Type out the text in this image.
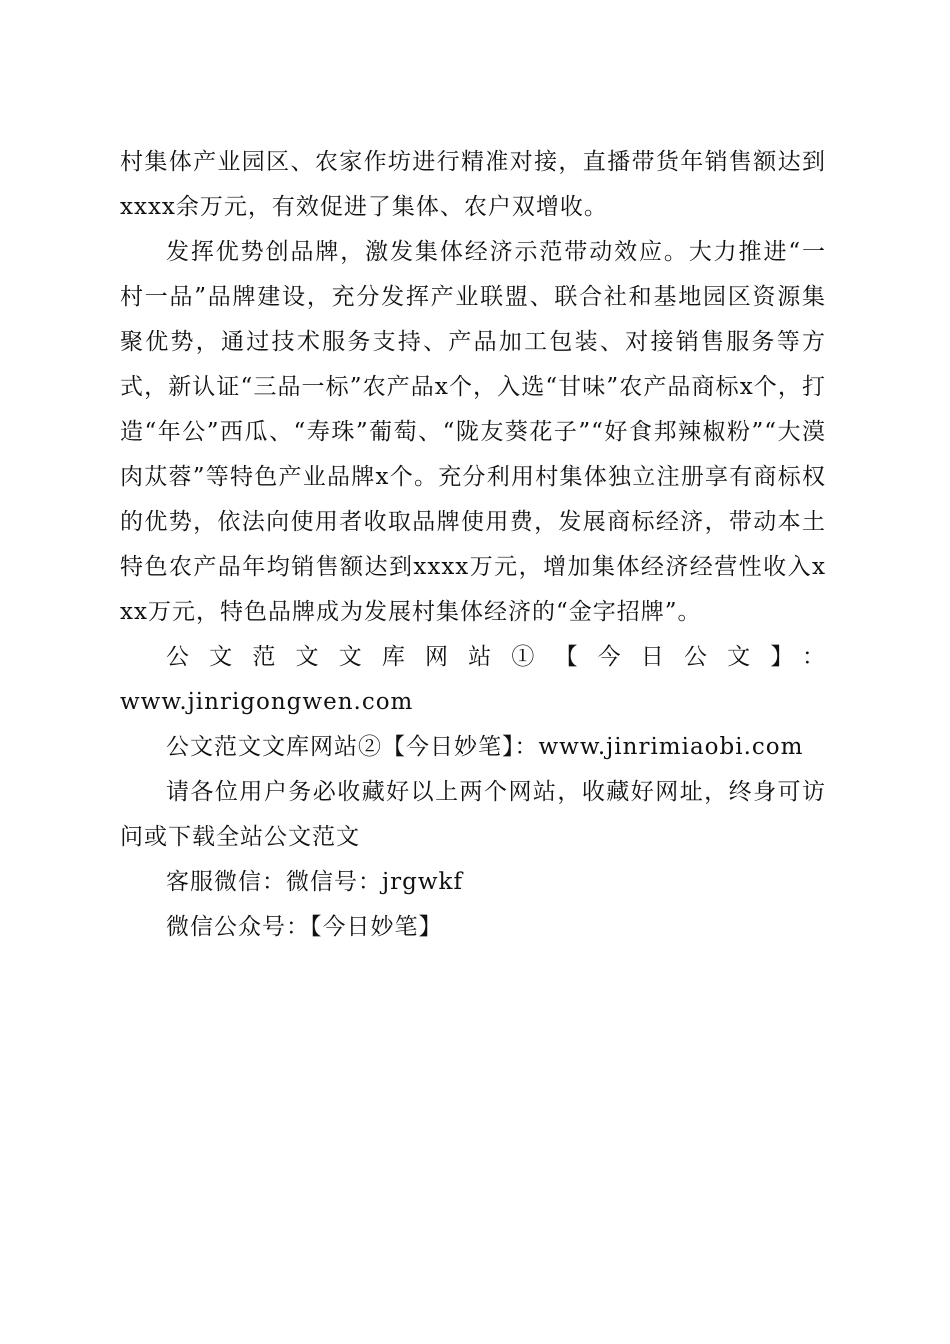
村集体产业园区、农家作坊进行精准对接，直播带货年销售额达到xxxx余万元，有效促进了集体、农户双增收。

发挥优势创品牌，激发集体经济示范带动效应。大力推进“一村一品”品牌建设，充分发挥产业联盟、联合社和基地园区资源集聚优势，通过技术服务支持、产品加工包装、对接销售服务等方式，新认证“三品一标”农产品x个，入选“甘味”农产品商标x个，打造“年公”西瓜、“寿珠”葡萄、“陇友葵花子”“好食邦辣椒粉”“大漠肉苁蓉”等特色产业品牌x个。充分利用村集体独立注册享有商标权的优势，依法向使用者收取品牌使用费，发展商标经济，带动本土特色农产品年均销售额达到xxxx万元，增加集体经济经营性收入xxx万元，特色品牌成为发展村集体经济的“金字招牌”。

公文范文文库网站①【今日公文】：

www.jinrigongwen.com

公文范文文库网站②【今日妙笔】：www.jinrimiaobi.com

请各位用户务必收藏好以上两个网站，收藏好网址，终身可访问或下载全站公文范文

客服微信：微信号：jrgwkf

微信公众号：【今日妙笔】
